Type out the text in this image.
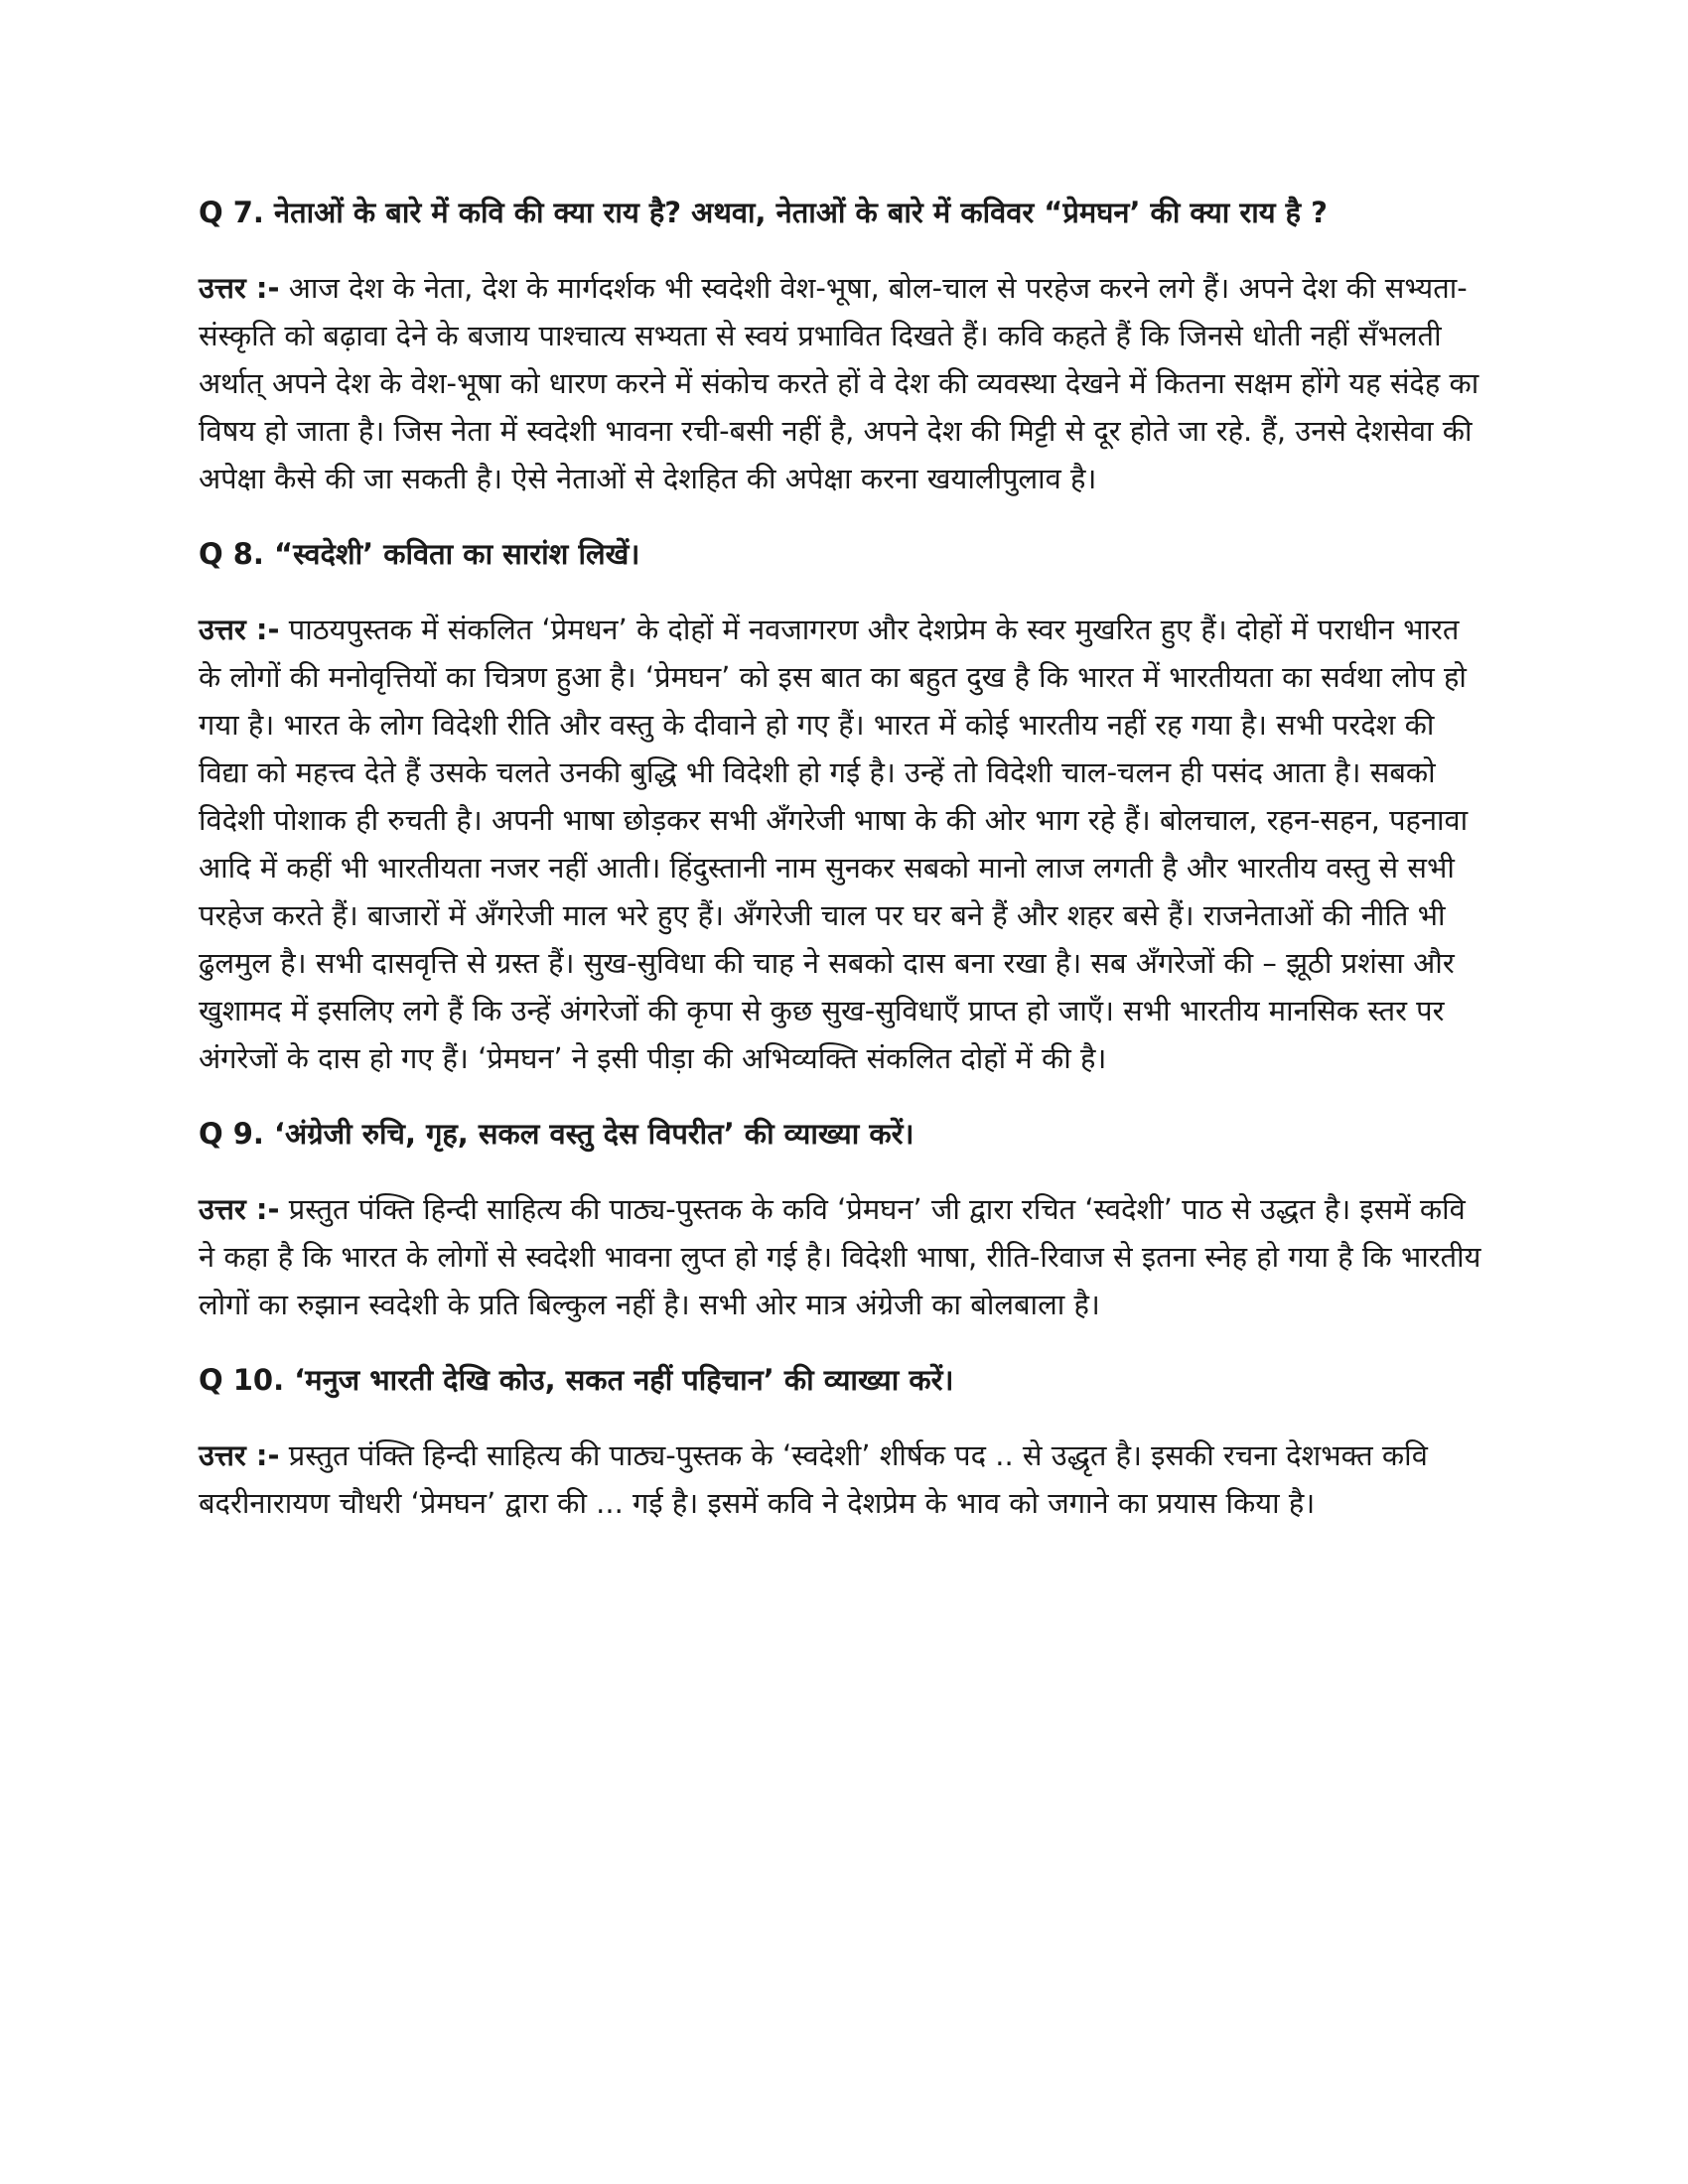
Q 7. नेताओं के बारे में कवि की क्या राय है? अथवा, नेताओं के बारे में कविवर “प्रेमघन’ की क्या राय है ?
उत्तर :- आज देश के नेता, देश के मार्गदर्शक भी स्वदेशी वेश-भूषा, बोल-चाल से परहेज करने लगे हैं। अपने देश की सभ्यता-संस्कृति को बढ़ावा देने के बजाय पाश्चात्य सभ्यता से स्वयं प्रभावित दिखते हैं। कवि कहते हैं कि जिनसे धोती नहीं सँभलती अर्थात् अपने देश के वेश-भूषा को धारण करने में संकोच करते हों वे देश की व्यवस्था देखने में कितना सक्षम होंगे यह संदेह का विषय हो जाता है। जिस नेता में स्वदेशी भावना रची-बसी नहीं है, अपने देश की मिट्टी से दूर होते जा रहे. हैं, उनसे देशसेवा की अपेक्षा कैसे की जा सकती है। ऐसे नेताओं से देशहित की अपेक्षा करना खयालीपुलाव है।
Q 8. “स्वदेशी’ कविता का सारांश लिखें।
उत्तर :- पाठयपुस्तक में संकलित ‘प्रेमधन’ के दोहों में नवजागरण और देशप्रेम के स्वर मुखरित हुए हैं। दोहों में पराधीन भारत के लोगों की मनोवृत्तियों का चित्रण हुआ है। ‘प्रेमघन’ को इस बात का बहुत दुख है कि भारत में भारतीयता का सर्वथा लोप हो गया है। भारत के लोग विदेशी रीति और वस्तु के दीवाने हो गए हैं। भारत में कोई भारतीय नहीं रह गया है। सभी परदेश की विद्या को महत्त्व देते हैं उसके चलते उनकी बुद्धि भी विदेशी हो गई है। उन्हें तो विदेशी चाल-चलन ही पसंद आता है। सबको विदेशी पोशाक ही रुचती है। अपनी भाषा छोड़कर सभी अँगरेजी भाषा के की ओर भाग रहे हैं। बोलचाल, रहन-सहन, पहनावा आदि में कहीं भी भारतीयता नजर नहीं आती। हिंदुस्तानी नाम सुनकर सबको मानो लाज लगती है और भारतीय वस्तु से सभी परहेज करते हैं। बाजारों में अँगरेजी माल भरे हुए हैं। अँगरेजी चाल पर घर बने हैं और शहर बसे हैं। राजनेताओं की नीति भी ढुलमुल है। सभी दासवृत्ति से ग्रस्त हैं। सुख-सुविधा की चाह ने सबको दास बना रखा है। सब अँगरेजों की – झूठी प्रशंसा और खुशामद में इसलिए लगे हैं कि उन्हें अंगरेजों की कृपा से कुछ सुख-सुविधाएँ प्राप्त हो जाएँ। सभी भारतीय मानसिक स्तर पर अंगरेजों के दास हो गए हैं। ‘प्रेमघन’ ने इसी पीड़ा की अभिव्यक्ति संकलित दोहों में की है।
Q 9. ‘अंग्रेजी रुचि, गृह, सकल वस्तु देस विपरीत’ की व्याख्या करें।
उत्तर :- प्रस्तुत पंक्ति हिन्दी साहित्य की पाठ्य-पुस्तक के कवि ‘प्रेमघन’ जी द्वारा रचित ‘स्वदेशी’ पाठ से उद्धत है। इसमें कवि ने कहा है कि भारत के लोगों से स्वदेशी भावना लुप्त हो गई है। विदेशी भाषा, रीति-रिवाज से इतना स्नेह हो गया है कि भारतीय लोगों का रुझान स्वदेशी के प्रति बिल्कुल नहीं है। सभी ओर मात्र अंग्रेजी का बोलबाला है।
Q 10. ‘मनुज भारती देखि कोउ, सकत नहीं पहिचान’ की व्याख्या करें।
उत्तर :- प्रस्तुत पंक्ति हिन्दी साहित्य की पाठ्य-पुस्तक के ‘स्वदेशी’ शीर्षक पद .. से उद्धृत है। इसकी रचना देशभक्त कवि बदरीनारायण चौधरी ‘प्रेमघन’ द्वारा की ... गई है। इसमें कवि ने देशप्रेम के भाव को जगाने का प्रयास किया है।
